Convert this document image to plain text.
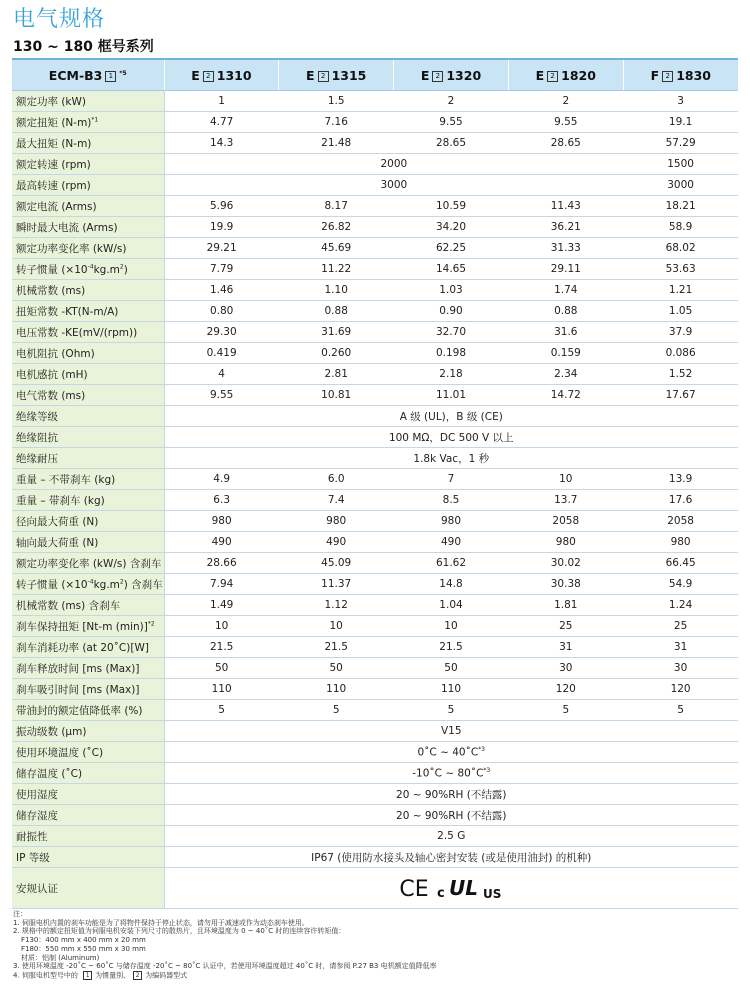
电气规格
130 ~ 180 框号系列
ECM-B3 1 $^{*5}$	E 2 1310	E 2 1315	E 2 1320	E 2 1820	F 2 1830
额定功率 (kW)	1	1.5	2	2	3
额定扭矩 $(N-m)^{*1}$	4.77	7.16	9.55	9.55	19.1
最大扭矩 (N-m)	14.3	21.48	28.65	28.65	57.29
额定转速 (rpm)	2000				1500
最高转速 (rpm)	3000				3000
额定电流 (Arms)	5.96	8.17	10.59	11.43	18.21
瞬时最大电流 (Arms)	19.9	26.82	34.20	36.21	58.9
额定功率变化率 (kW/s)	29.21	45.69	62.25	31.33	68.02
转子惯量 $(\times 10^{-4}kg.m^2)$	7.79	11.22	14.65	29.11	53.63
机械常数 (ms)	1.46	1.10	1.03	1.74	1.21
扭矩常数 -KT(N-m/A)	0.80	0.88	0.90	0.88	1.05
电压常数 -KE(mV/(rpm))	29.30	31.69	32.70	31.6	37.9
电机阻抗 (Ohm)	0.419	0.260	0.198	0.159	0.086
电机感抗 (mH)	4	2.81	2.18	2.34	1.52
电气常数 (ms)	9.55	10.81	11.01	14.72	17.67
绝缘等级	A 级 (UL)，B 级 (CE)				
绝缘阻抗	100 MΩ，DC 500 V 以上				
绝缘耐压	1.8k Vac，1 秒				
重量 – 不带刹车 (kg)	4.9	6.0	7	10	13.9
重量 – 带刹车 (kg)	6.3	7.4	8.5	13.7	17.6
径向最大荷重 (N)	980	980	980	2058	2058
轴向最大荷重 (N)	490	490	490	980	980
额定功率变化率 (kW/s) 含刹车	28.66	45.09	61.62	30.02	66.45
转子惯量 $(\times 10^{-4}kg.m^2)$ 含刹车	7.94	11.37	14.8	30.38	54.9
机械常数 (ms) 含刹车	1.49	1.12	1.04	1.81	1.24
刹车保持扭矩 [Nt-m (min)]$^{*2}$	10	10	10	25	25
刹车消耗功率 (at 20˚C)[W]	21.5	21.5	21.5	31	31
刹车释放时间 [ms (Max)]	50	50	50	30	30
刹车吸引时间 [ms (Max)]	110	110	110	120	120
带油封的额定值降低率 (%)	5	5	5	5	5
振动级数 (μm)	V15				
使用环境温度 (˚C)	0˚C ~ $40˚C^{*3}$
储存温度 (˚C)	-10˚C ~ $80˚C^{*3}$
使用湿度	20 ~ 90%RH (不结露)				
储存湿度	20 ~ 90%RH (不结露)				
耐振性	2.5 G				
IP 等级	IP67 (使用防水接头及轴心密封安装 (或是使用油封) 的机种)				
安规认证	CE c UL US				
注：
1. 伺服电机内置的刹车功能是为了将物件保持于停止状态，请勿用于减速或作为动态刹车使用。
2. 规格中的额定扭矩值为伺服电机安装下列尺寸的散热片，且环境温度为 0 ~ 40˚C 时的连续容许转矩值：
F130：400 mm x 400 mm x 20 mm
F180：550 mm x 550 mm x 30 mm
材质：铝制 (Aluminum)
3. 使用环境温度 -20˚C ~ 60˚C 与储存温度 -20˚C ~ 80˚C 认证中，若使用环境温度超过 40˚C 时，请参阅 P.27 B3 电机额定值降低率
4. 伺服电机型号中的 1 为惯量别、 2 为编码器型式
